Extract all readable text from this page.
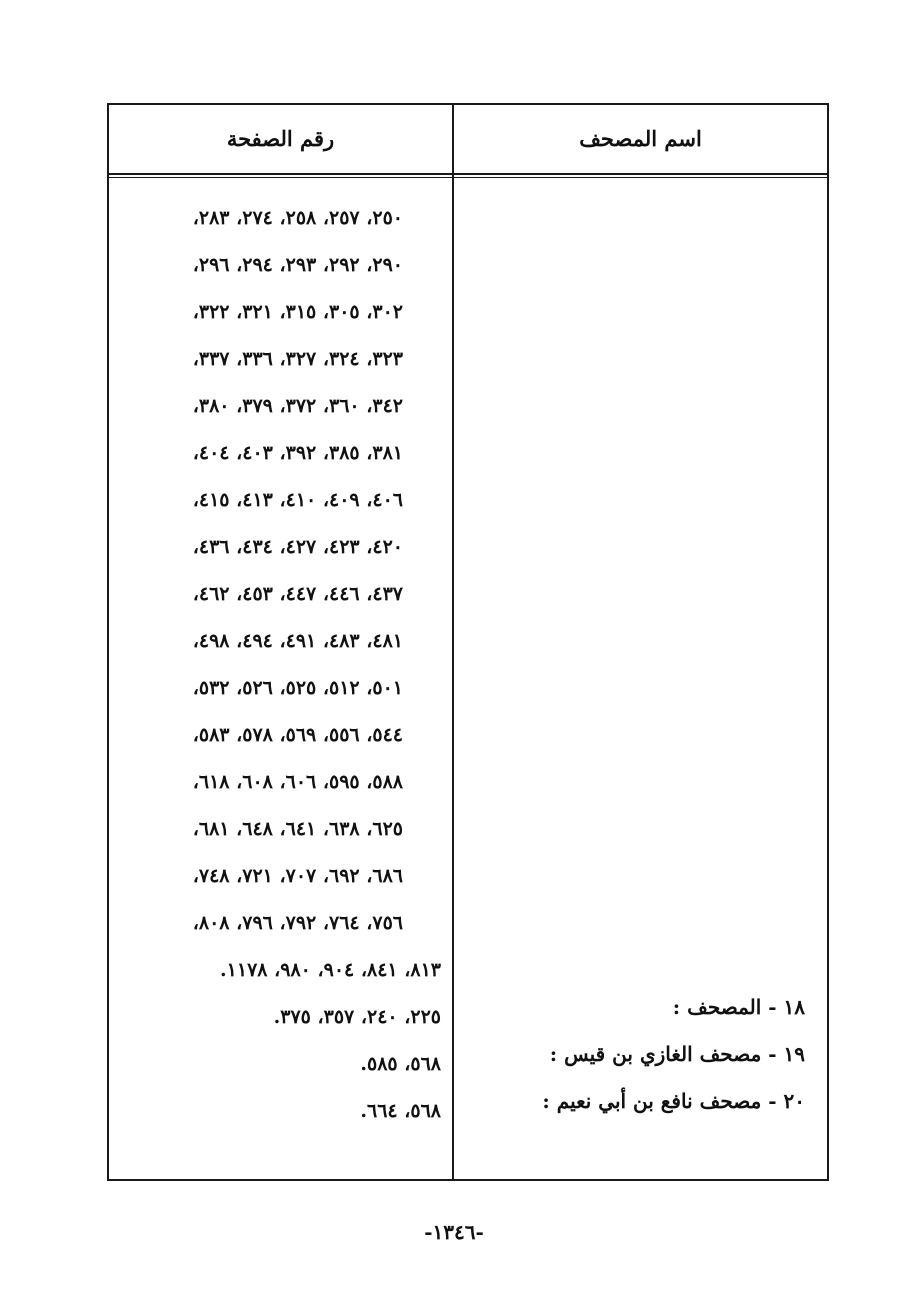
رقم الصفحة	اسم المصحف
٢٥٠، ٢٥٧، ٢٥٨، ٢٧٤، ٢٨٣،
٢٩٠، ٢٩٢، ٢٩٣، ٢٩٤، ٢٩٦،
٣٠٢، ٣٠٥، ٣١٥، ٣٢١، ٣٢٢،
٣٢٣، ٣٢٤، ٣٢٧، ٣٣٦، ٣٣٧،
٣٤٢، ٣٦٠، ٣٧٢، ٣٧٩، ٣٨٠،
٣٨١، ٣٨٥، ٣٩٢، ٤٠٣، ٤٠٤،
٤٠٦، ٤٠٩، ٤١٠، ٤١٣، ٤١٥،
٤٢٠، ٤٢٣، ٤٢٧، ٤٣٤، ٤٣٦،
٤٣٧، ٤٤٦، ٤٤٧، ٤٥٣، ٤٦٢،
٤٨١، ٤٨٣، ٤٩١، ٤٩٤، ٤٩٨،
٥٠١، ٥١٢، ٥٢٥، ٥٢٦، ٥٣٢،
٥٤٤، ٥٥٦، ٥٦٩، ٥٧٨، ٥٨٣،
٥٨٨، ٥٩٥، ٦٠٦، ٦٠٨، ٦١٨،
٦٢٥، ٦٣٨، ٦٤١، ٦٤٨، ٦٨١،
٦٨٦، ٦٩٢، ٧٠٧، ٧٢١، ٧٤٨،
٧٥٦، ٧٦٤، ٧٩٢، ٧٩٦، ٨٠٨،
٨١٣، ٨٤١، ٩٠٤، ٩٨٠، ١١٧٨.
٢٢٥، ٢٤٠، ٣٥٧، ٣٧٥.
٥٦٨، ٥٨٥.
٥٦٨، ٦٦٤.
١٨ - المصحف :
١٩ - مصحف الغازي بن قيس :
٢٠ - مصحف نافع بن أبي نعيم :
-١٣٤٦-
